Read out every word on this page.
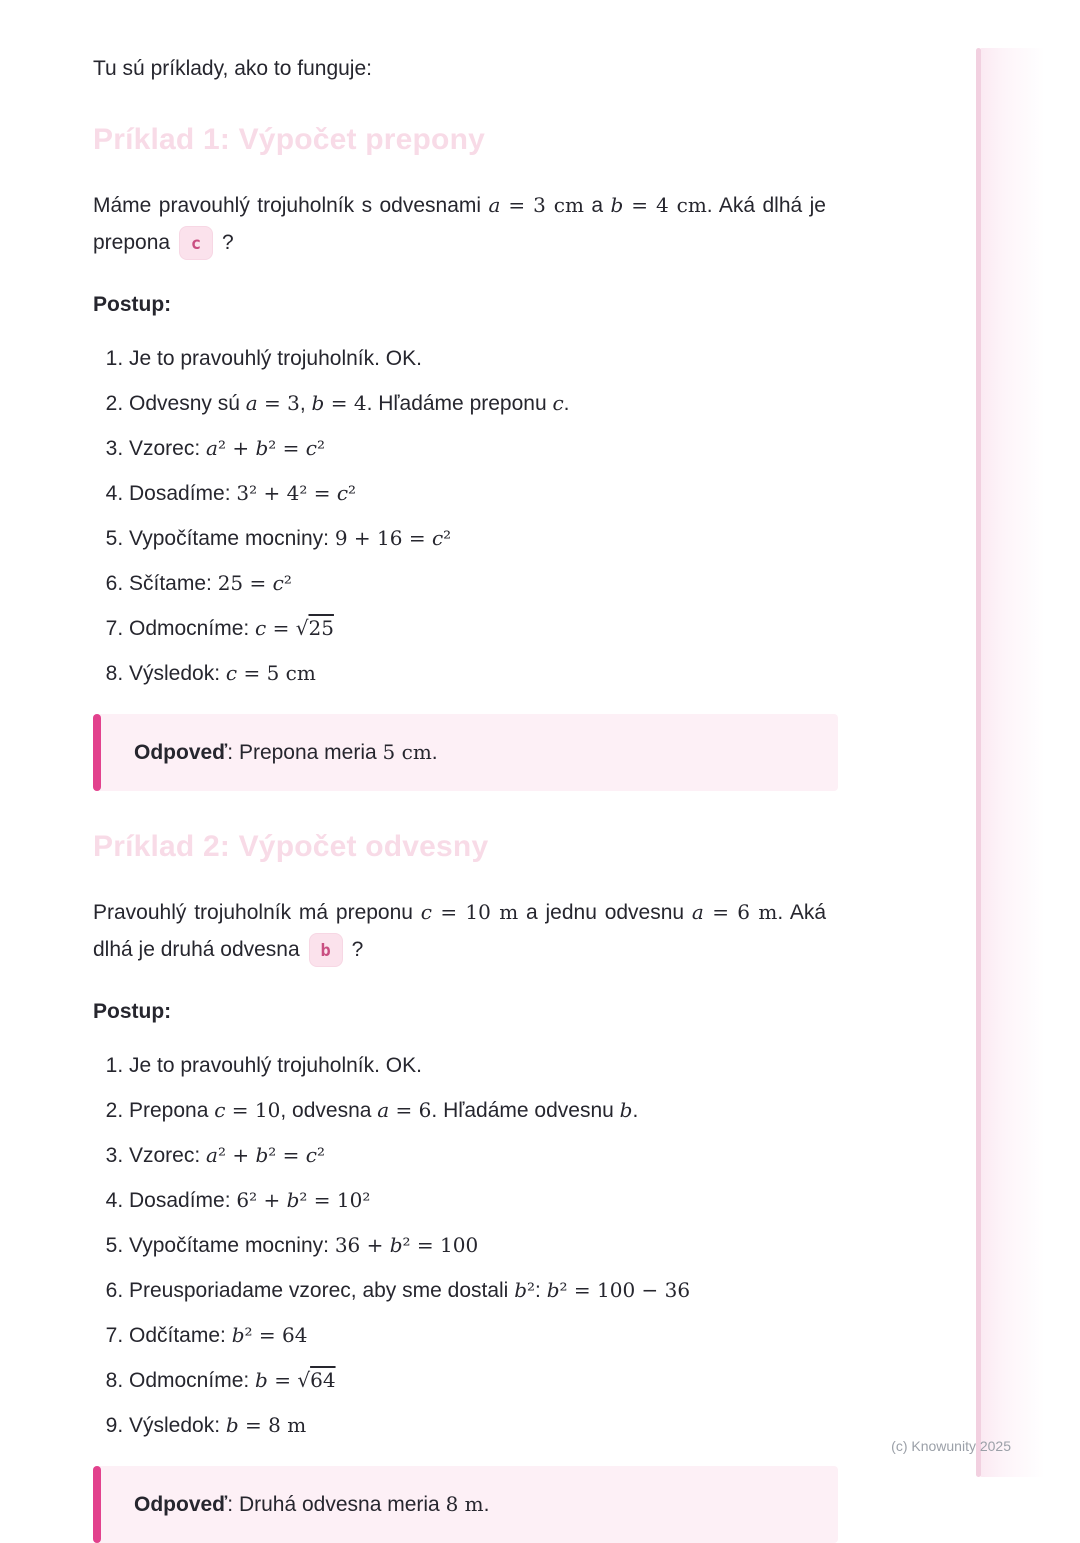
Tu sú príklady, ako to funguje:

Príklad 1: Výpočet prepony

Máme pravouhlý trojuholník s odvesnami a = 3 cm a b = 4 cm. Aká dlhá je prepona c ?

Postup:

1. Je to pravouhlý trojuholník. OK.
2. Odvesny sú a = 3, b = 4. Hľadáme preponu c.
3. Vzorec: a² + b² = c²
4. Dosadíme: 3² + 4² = c²
5. Vypočítame mocniny: 9 + 16 = c²
6. Sčítame: 25 = c²
7. Odmocníme: c = √25
8. Výsledok: c = 5 cm

Odpoveď: Prepona meria 5 cm.

Príklad 2: Výpočet odvesny

Pravouhlý trojuholník má preponu c = 10 m a jednu odvesnu a = 6 m. Aká dlhá je druhá odvesna b ?

Postup:

1. Je to pravouhlý trojuholník. OK.
2. Prepona c = 10, odvesna a = 6. Hľadáme odvesnu b.
3. Vzorec: a² + b² = c²
4. Dosadíme: 6² + b² = 10²
5. Vypočítame mocniny: 36 + b² = 100
6. Preusporiadame vzorec, aby sme dostali b²: b² = 100 − 36
7. Odčítame: b² = 64
8. Odmocníme: b = √64
9. Výsledok: b = 8 m

Odpoveď: Druhá odvesna meria 8 m.

(c) Knowunity 2025
